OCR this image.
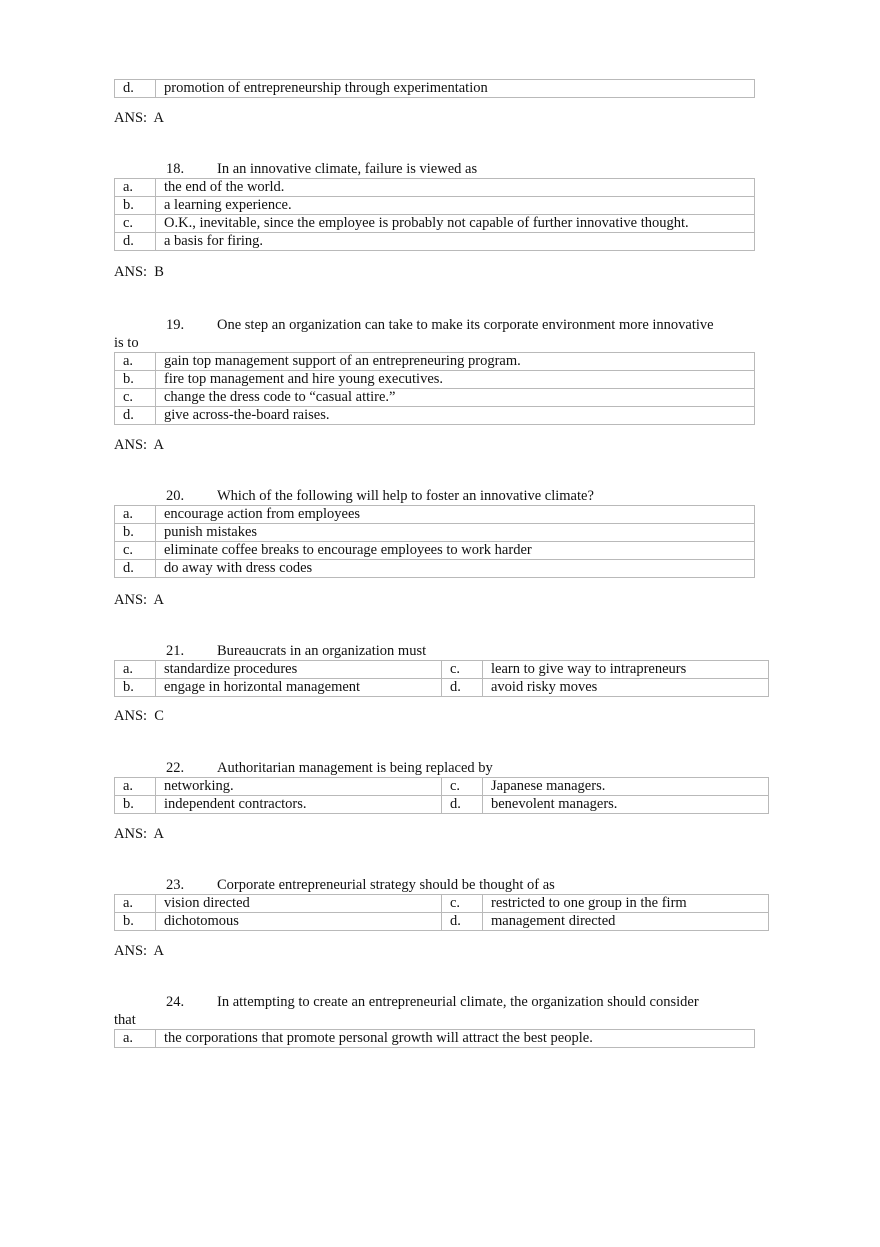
d.	promotion of entrepreneurship through experimentation
ANS:  A
18. In an innovative climate, failure is viewed as
a.	the end of the world.
b.	a learning experience.
c.	O.K., inevitable, since the employee is probably not capable of further innovative thought.
d.	a basis for firing.
ANS:  B
19. One step an organization can take to make its corporate environment more innovative
is to
a.	gain top management support of an entrepreneuring program.
b.	fire top management and hire young executives.
c.	change the dress code to “casual attire.”
d.	give across-the-board raises.
ANS:  A
20. Which of the following will help to foster an innovative climate?
a.	encourage action from employees
b.	punish mistakes
c.	eliminate coffee breaks to encourage employees to work harder
d.	do away with dress codes
ANS:  A
21. Bureaucrats in an organization must
a.	standardize procedures	c.	learn to give way to intrapreneurs
b.	engage in horizontal management	d.	avoid risky moves
ANS:  C
22. Authoritarian management is being replaced by
a.	networking.	c.	Japanese managers.
b.	independent contractors.	d.	benevolent managers.
ANS:  A
23. Corporate entrepreneurial strategy should be thought of as
a.	vision directed	c.	restricted to one group in the firm
b.	dichotomous	d.	management directed
ANS:  A
24. In attempting to create an entrepreneurial climate, the organization should consider
that
a.	the corporations that promote personal growth will attract the best people.
